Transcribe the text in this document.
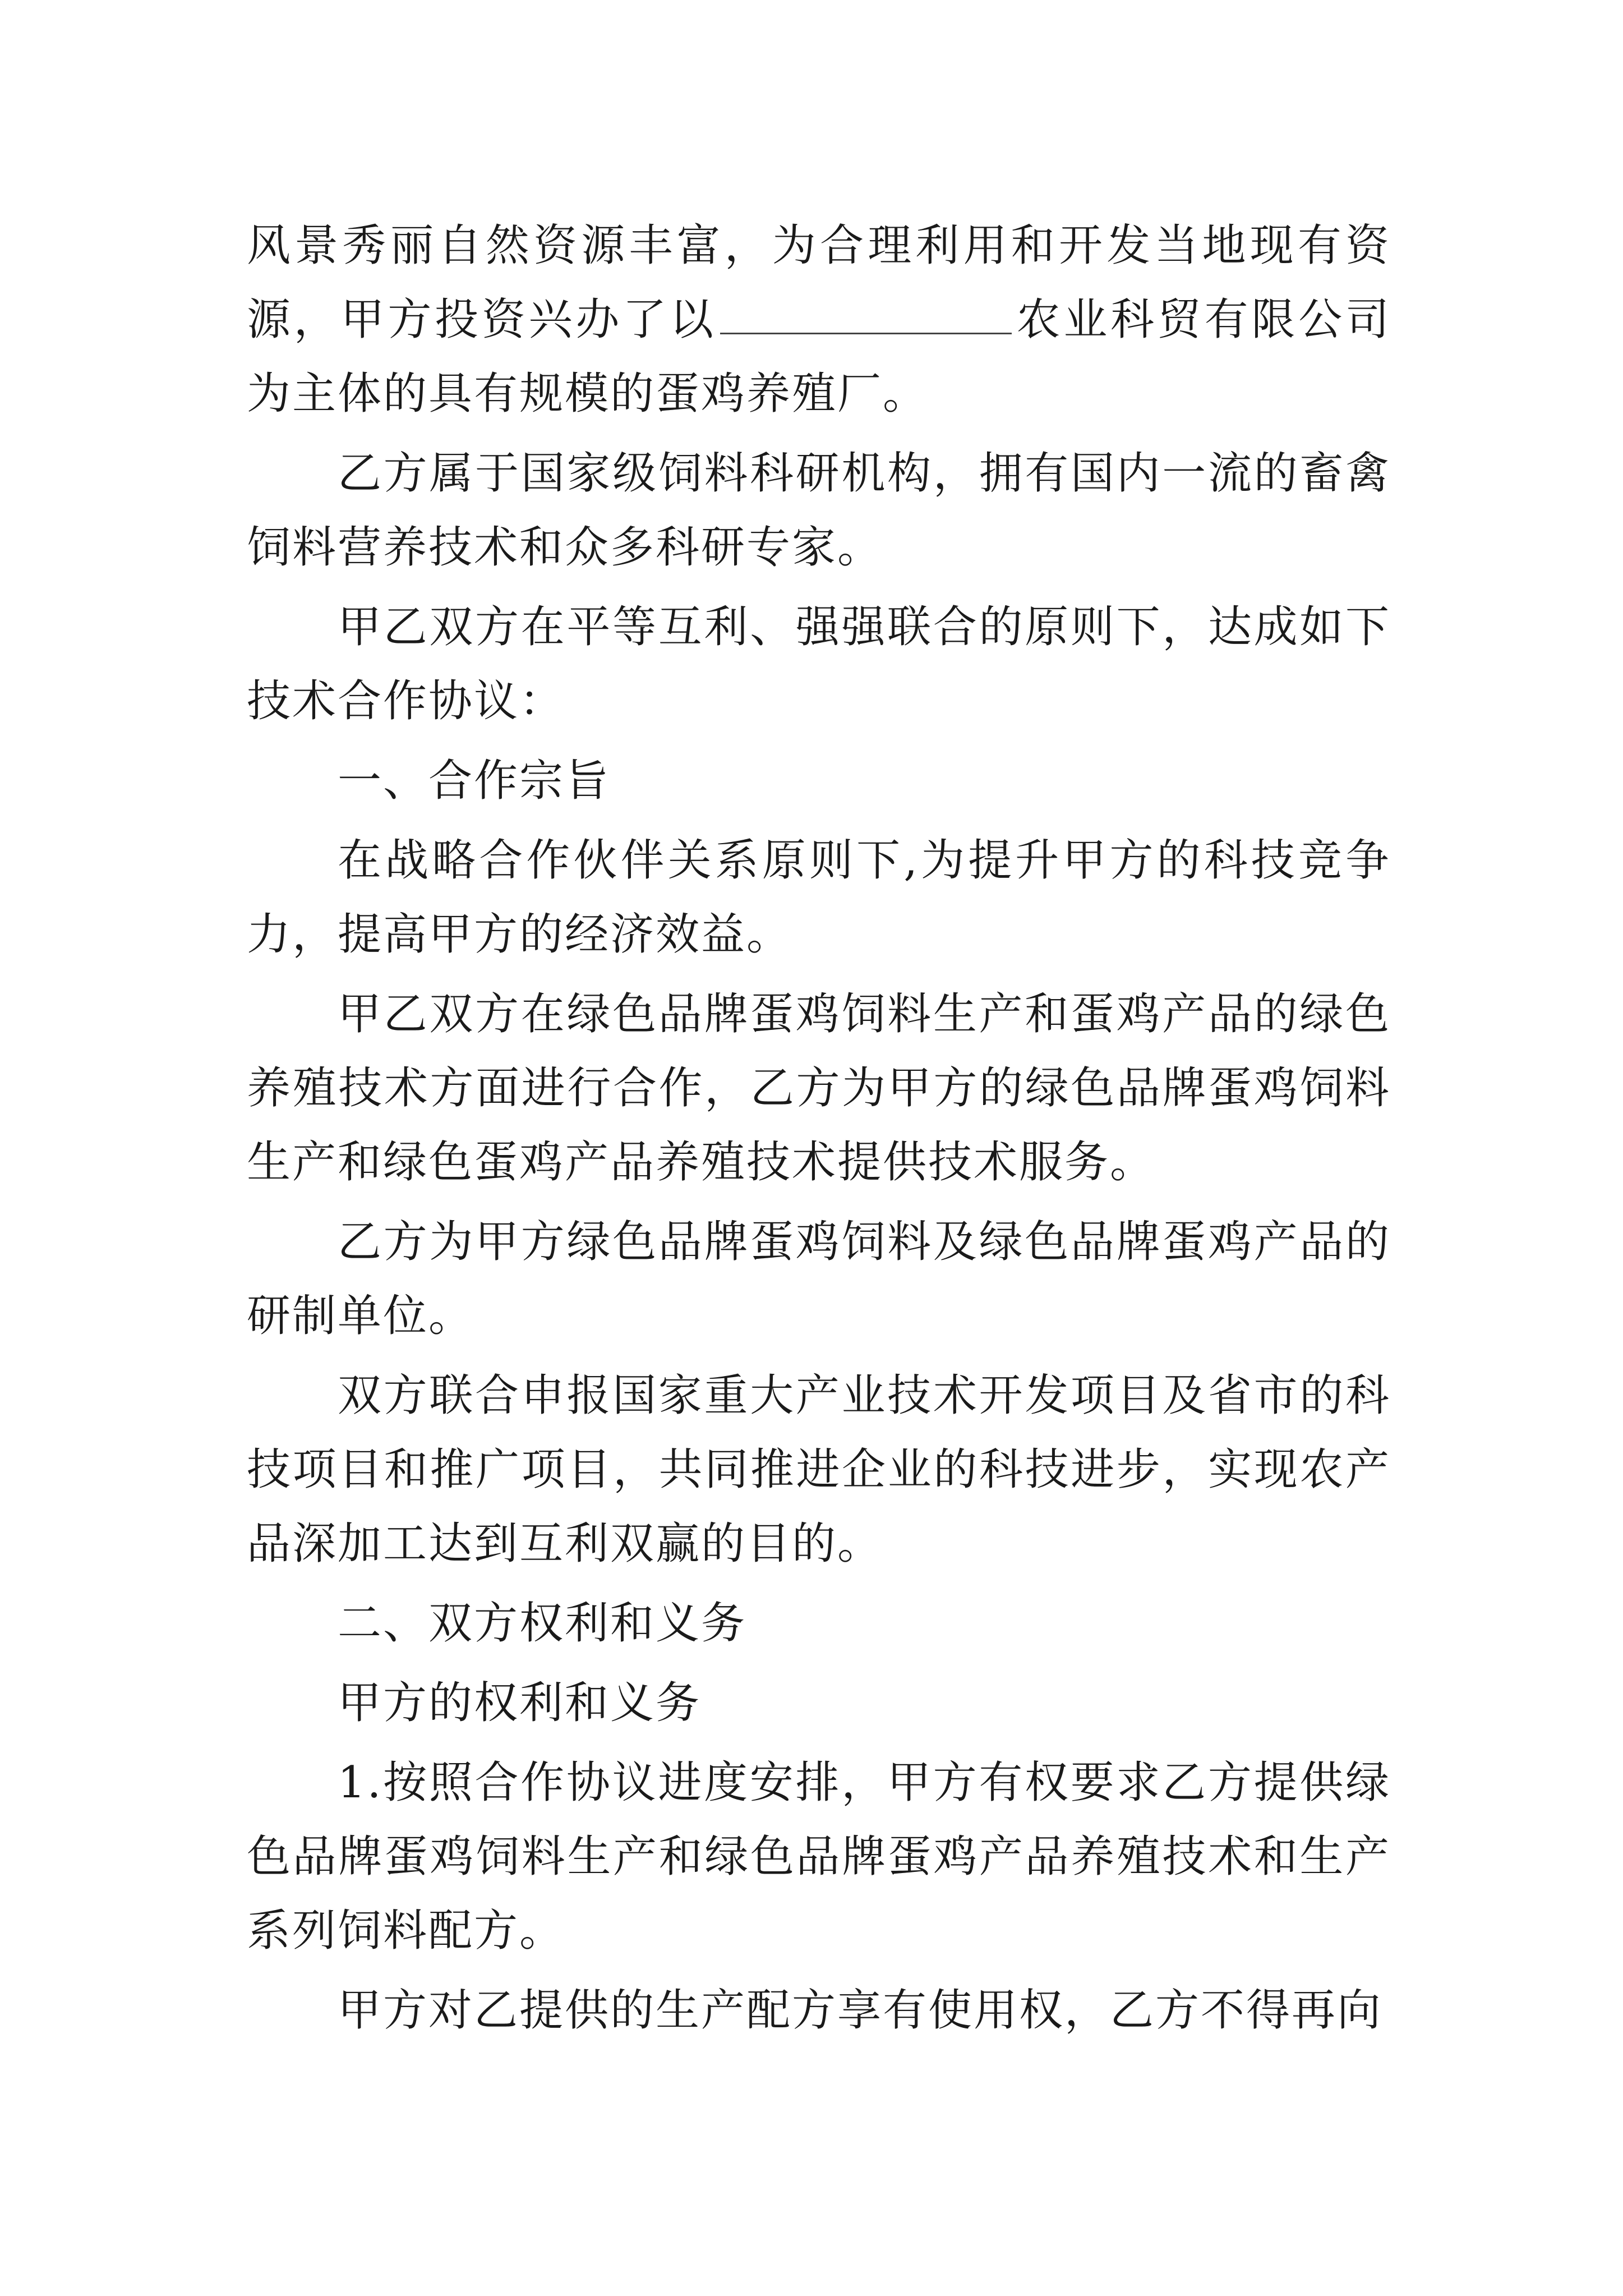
风景秀丽自然资源丰富，为合理利用和开发当地现有资源，甲方投资兴办了以	农业科贸有限公司为主体的具有规模的蛋鸡养殖厂。

乙方属于国家级饲料科研机构，拥有国内一流的畜禽饲料营养技术和众多科研专家。

甲乙双方在平等互利、强强联合的原则下，达成如下技术合作协议：

一、合作宗旨

在战略合作伙伴关系原则下,为提升甲方的科技竞争力，提高甲方的经济效益。

甲乙双方在绿色品牌蛋鸡饲料生产和蛋鸡产品的绿色养殖技术方面进行合作，乙方为甲方的绿色品牌蛋鸡饲料生产和绿色蛋鸡产品养殖技术提供技术服务。

乙方为甲方绿色品牌蛋鸡饲料及绿色品牌蛋鸡产品的研制单位。

双方联合申报国家重大产业技术开发项目及省市的科技项目和推广项目，共同推进企业的科技进步，实现农产品深加工达到互利双赢的目的。

二、双方权利和义务

甲方的权利和义务

1.按照合作协议进度安排，甲方有权要求乙方提供绿色品牌蛋鸡饲料生产和绿色品牌蛋鸡产品养殖技术和生产系列饲料配方。

甲方对乙提供的生产配方享有使用权，乙方不得再向
